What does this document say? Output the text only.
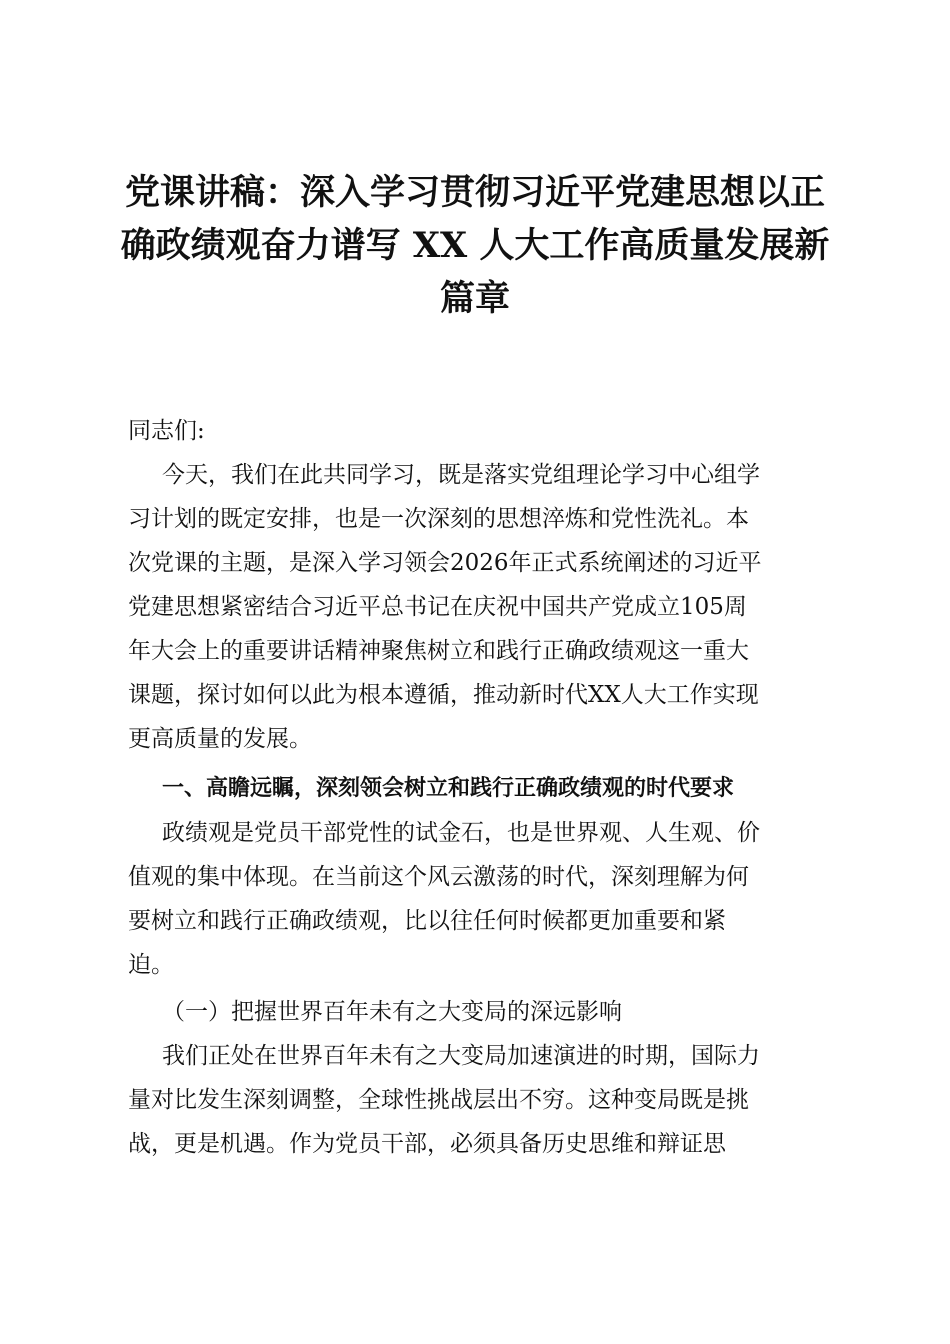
党课讲稿：深入学习贯彻习近平党建思想以正
确政绩观奋力谱写 XX 人大工作高质量发展新
篇章
同志们:
今天，我们在此共同学习，既是落实党组理论学习中心组学
习计划的既定安排，也是一次深刻的思想淬炼和党性洗礼。本
次党课的主题，是深入学习领会2026年正式系统阐述的习近平
党建思想紧密结合习近平总书记在庆祝中国共产党成立105周
年大会上的重要讲话精神聚焦树立和践行正确政绩观这一重大
课题，探讨如何以此为根本遵循，推动新时代XX人大工作实现
更高质量的发展。
一、高瞻远瞩，深刻领会树立和践行正确政绩观的时代要求
政绩观是党员干部党性的试金石，也是世界观、人生观、价
值观的集中体现。在当前这个风云激荡的时代，深刻理解为何
要树立和践行正确政绩观，比以往任何时候都更加重要和紧
迫。
（一）把握世界百年未有之大变局的深远影响
我们正处在世界百年未有之大变局加速演进的时期，国际力
量对比发生深刻调整，全球性挑战层出不穷。这种变局既是挑
战，更是机遇。作为党员干部，必须具备历史思维和辩证思
